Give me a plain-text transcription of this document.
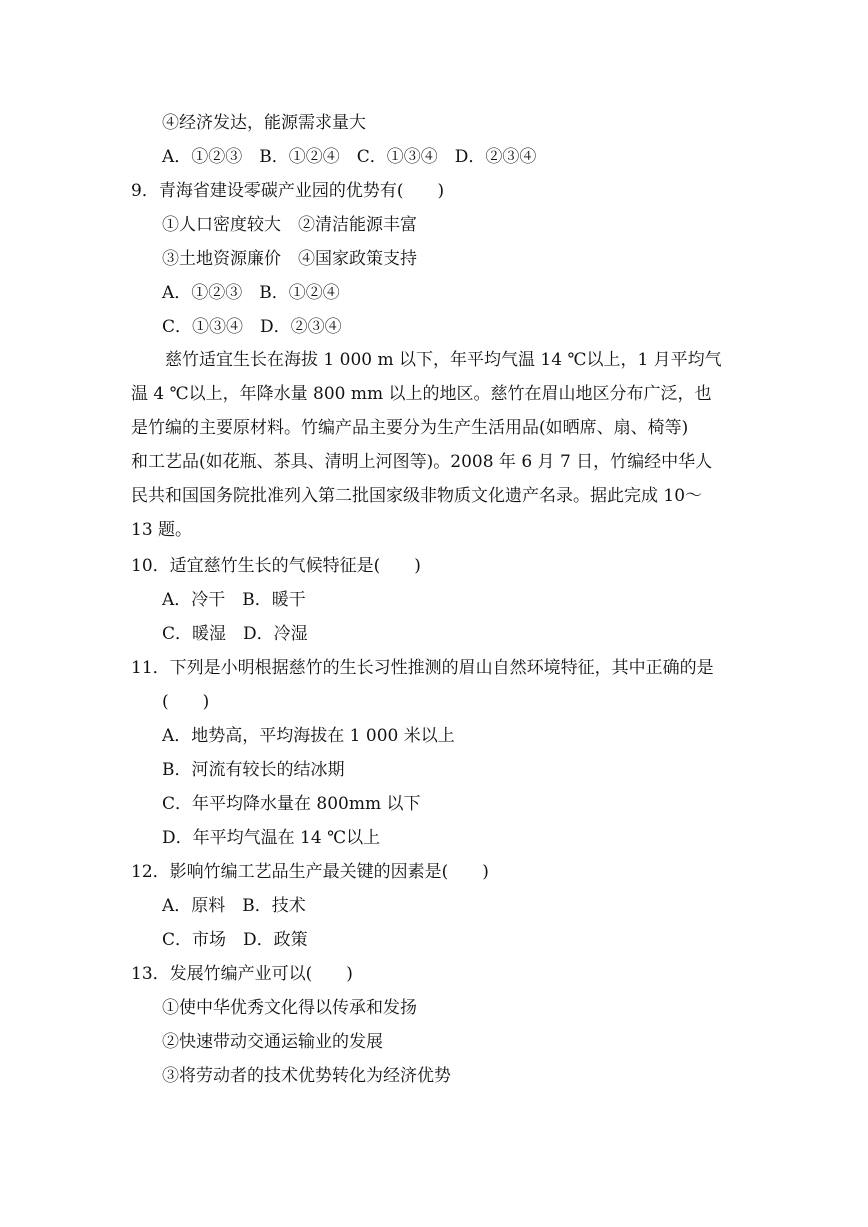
④经济发达，能源需求量大
A．①②③　B．①②④　C．①③④　D．②③④
9．青海省建设零碳产业园的优势有(　　)
①人口密度较大　②清洁能源丰富
③土地资源廉价　④国家政策支持
A．①②③　B．①②④
C．①③④　D．②③④
　　慈竹适宜生长在海拔 1 000 m 以下，年平均气温 14 ℃以上，1 月平均气
温 4 ℃以上，年降水量 800 mm 以上的地区。慈竹在眉山地区分布广泛，也
是竹编的主要原材料。竹编产品主要分为生产生活用品(如晒席、扇、椅等)
和工艺品(如花瓶、茶具、清明上河图等)。2008 年 6 月 7 日，竹编经中华人
民共和国国务院批准列入第二批国家级非物质文化遗产名录。据此完成 10～
13 题。
10．适宜慈竹生长的气候特征是(　　)
A．冷干　B．暖干
C．暖湿　D．冷湿
11．下列是小明根据慈竹的生长习性推测的眉山自然环境特征，其中正确的是
(　　)
A．地势高，平均海拔在 1 000 米以上
B．河流有较长的结冰期
C．年平均降水量在 800mm 以下
D．年平均气温在 14 ℃以上
12．影响竹编工艺品生产最关键的因素是(　　)
A．原料　B．技术
C．市场　D．政策
13．发展竹编产业可以(　　)
①使中华优秀文化得以传承和发扬
②快速带动交通运输业的发展
③将劳动者的技术优势转化为经济优势
